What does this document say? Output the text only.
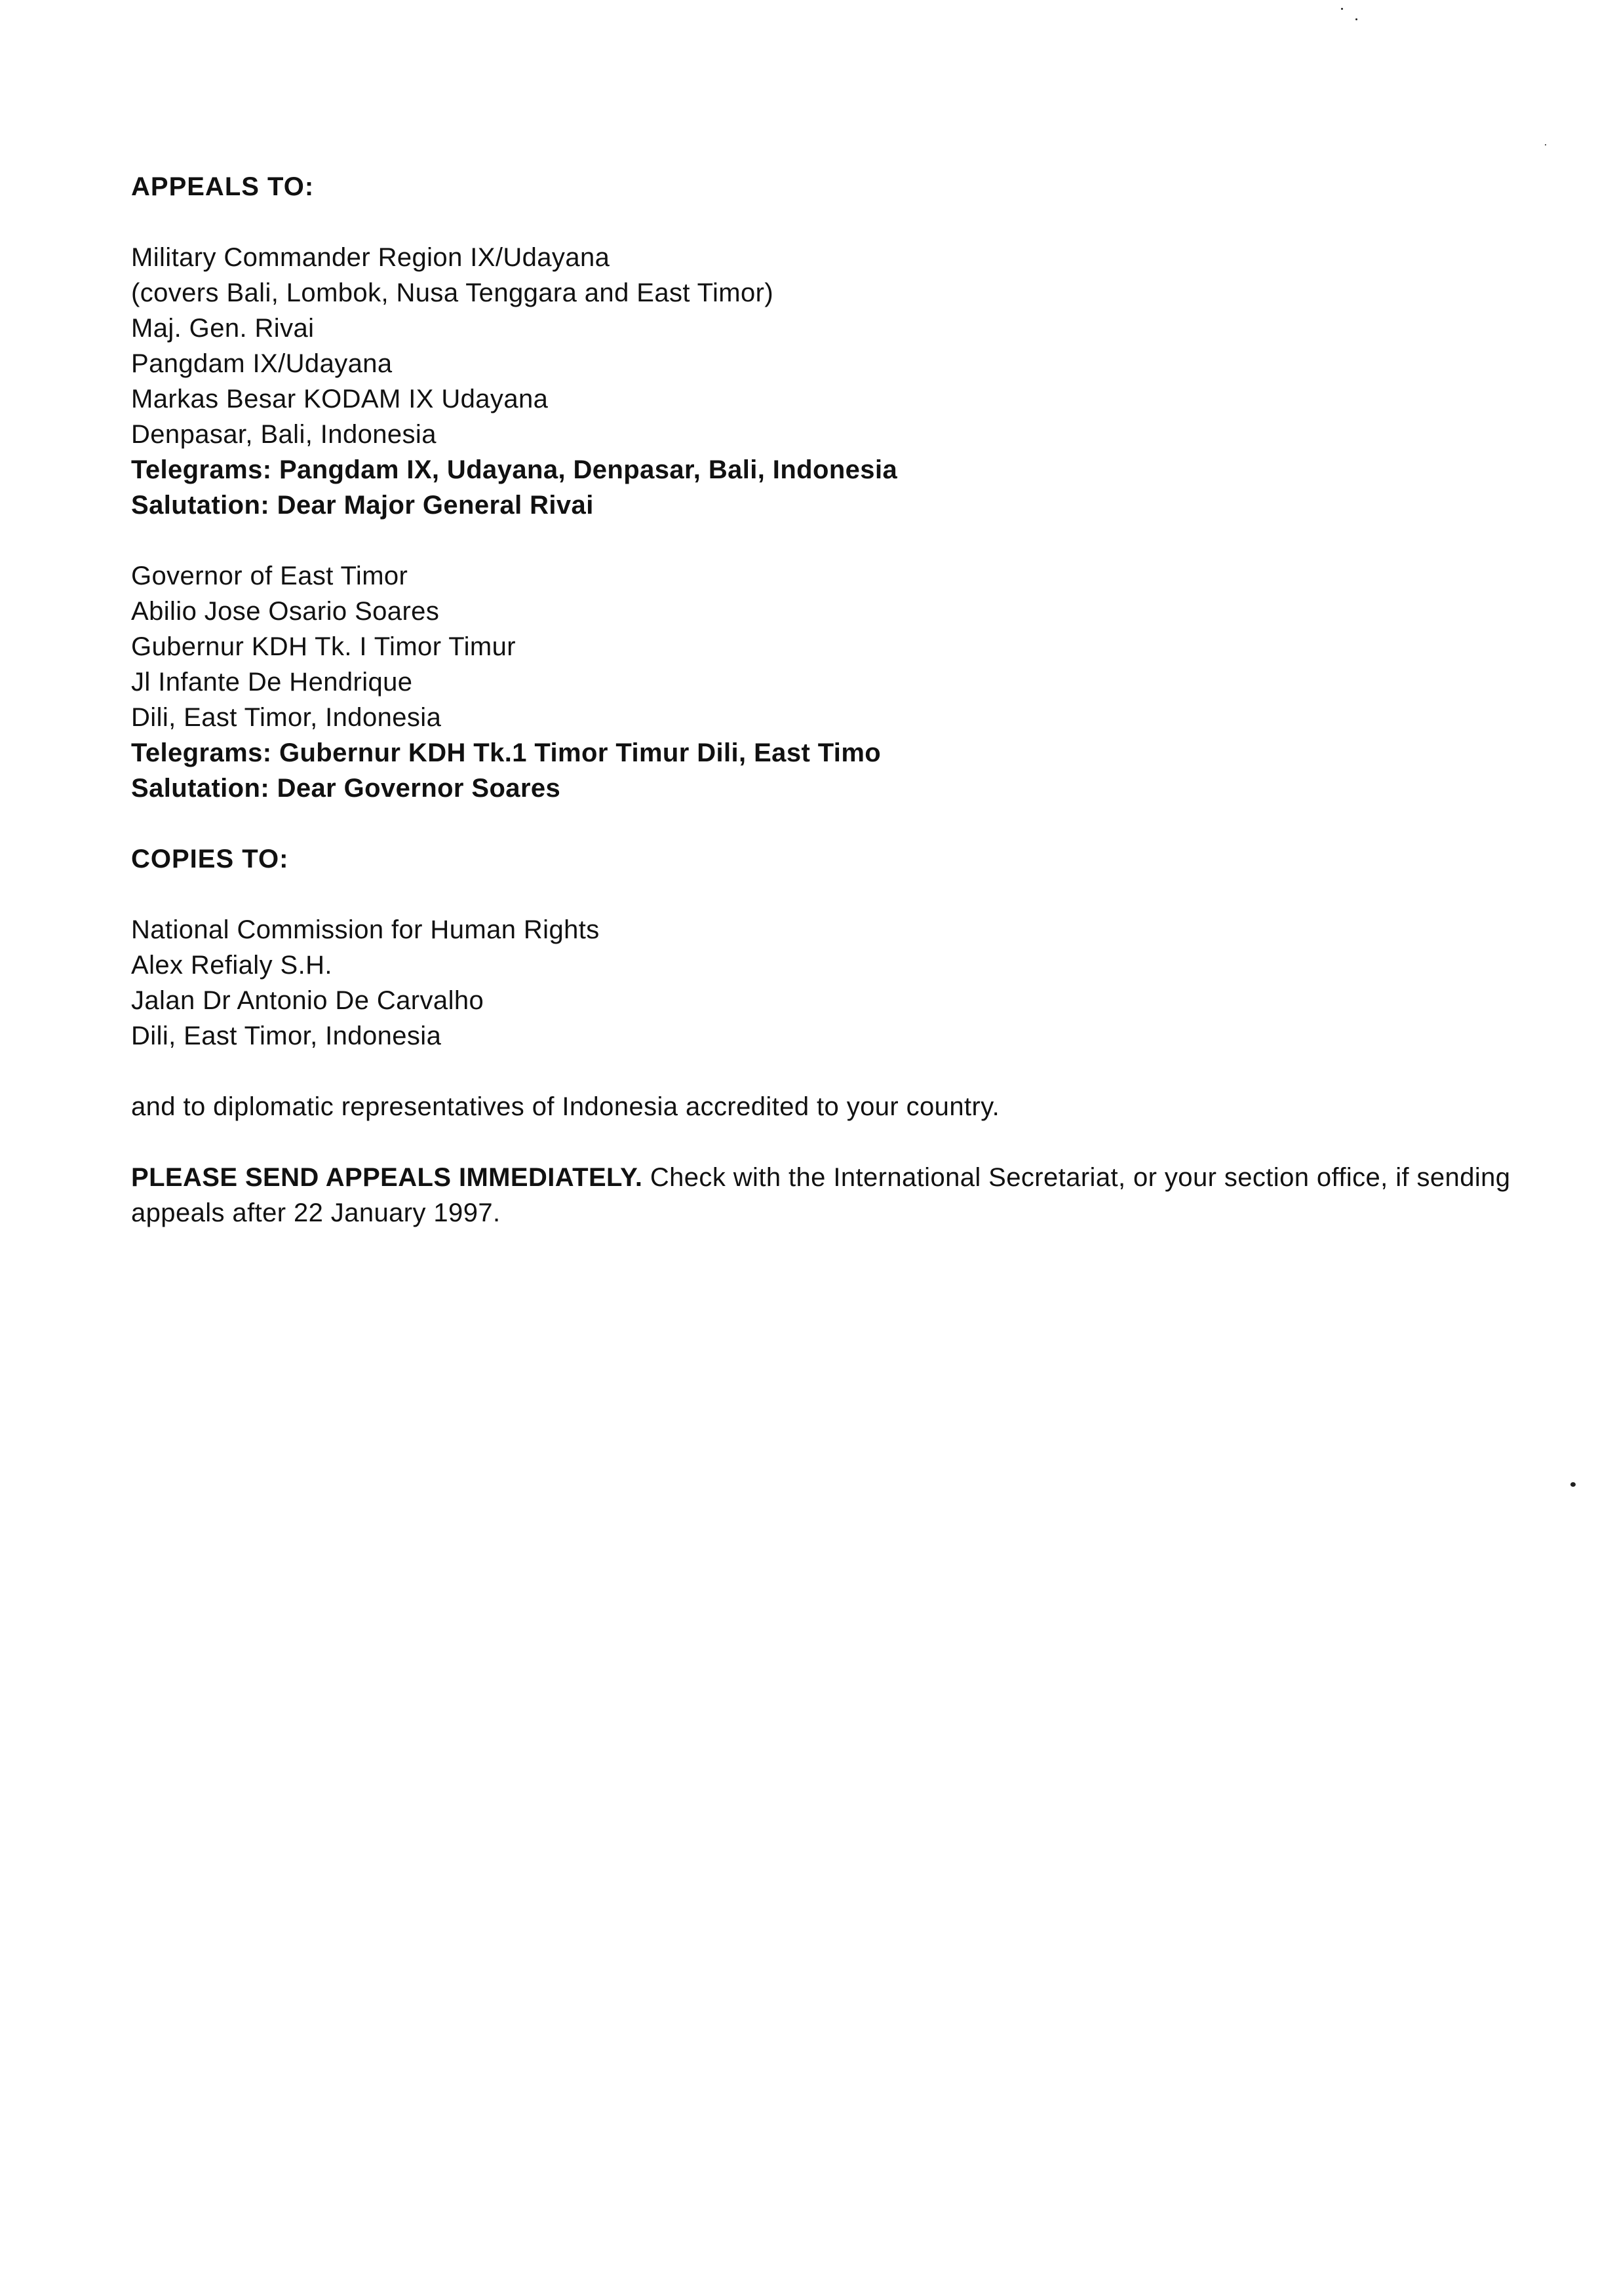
APPEALS TO:
Military Commander Region IX/Udayana
(covers Bali, Lombok, Nusa Tenggara and East Timor)
Maj. Gen. Rivai
Pangdam IX/Udayana
Markas Besar KODAM IX Udayana
Denpasar, Bali, Indonesia
Telegrams: Pangdam IX, Udayana, Denpasar, Bali, Indonesia
Salutation: Dear Major General Rivai
Governor of East Timor
Abilio Jose Osario Soares
Gubernur KDH Tk. I Timor Timur
Jl Infante De Hendrique
Dili, East Timor, Indonesia
Telegrams: Gubernur KDH Tk.1 Timor Timur Dili, East Timo
Salutation: Dear Governor Soares
COPIES TO:
National Commission for Human Rights
Alex Refialy S.H.
Jalan Dr Antonio De Carvalho
Dili, East Timor, Indonesia
and to diplomatic representatives of Indonesia accredited to your country.

PLEASE SEND APPEALS IMMEDIATELY. Check with the International Secretariat, or your section office, if sending appeals after 22 January 1997.
